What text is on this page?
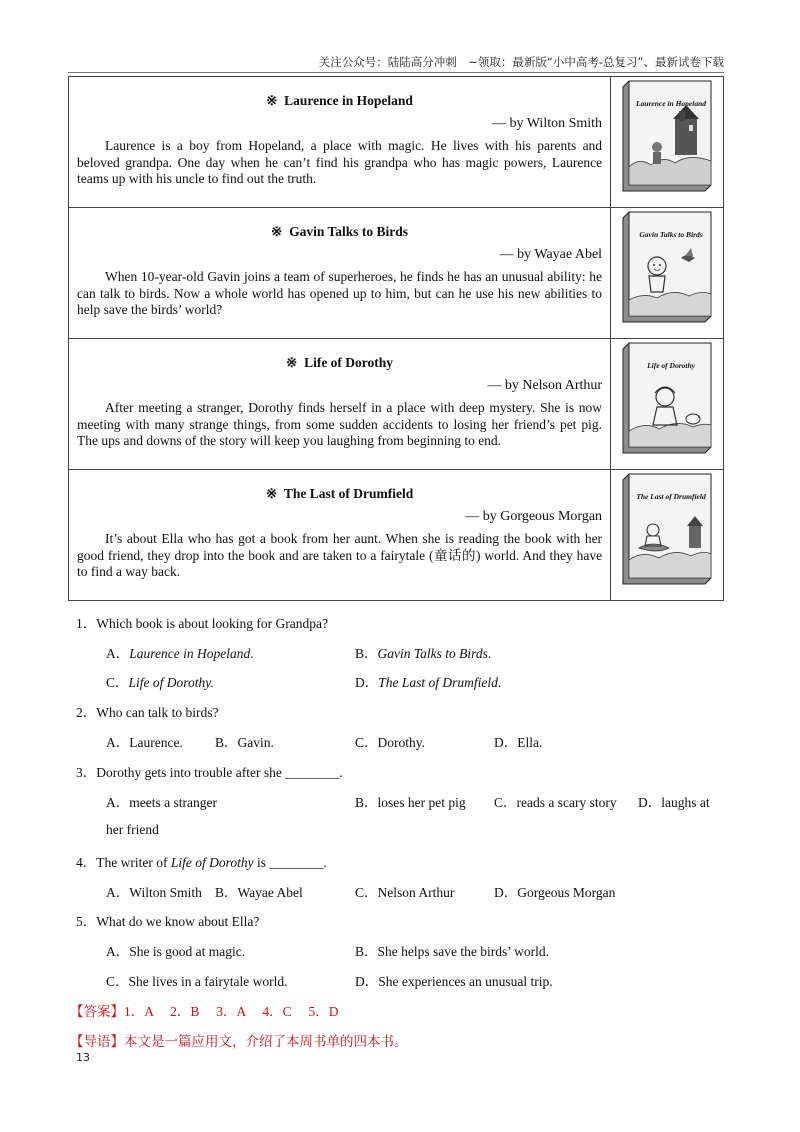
关注公众号：陆陆高分冲刺　~领取：最新版“小中高考-总复习”、最新试卷下载
※ Laurence in Hopeland
— by Wilton Smith
Laurence is a boy from Hopeland, a place with magic. He lives with his parents and beloved grandpa. One day when he can’t find his grandpa who has magic powers, Laurence teams up with his uncle to find out the truth.	Laurence in Hopeland

※ Gavin Talks to Birds
— by Wayae Abel
When 10-year-old Gavin joins a team of superheroes, he finds he has an unusual ability: he can talk to birds. Now a whole world has opened up to him, but can he use his new abilities to help save the birds’ world?	Gavin Talks to Birds

※ Life of Dorothy
— by Nelson Arthur
After meeting a stranger, Dorothy finds herself in a place with deep mystery. She is now meeting with many strange things, from some sudden accidents to losing her friend’s pet pig. The ups and downs of the story will keep you laughing from beginning to end.	Life of Dorothy

※ The Last of Drumfield
— by Gorgeous Morgan
It’s about Ella who has got a book from her aunt. When she is reading the book with her good friend, they drop into the book and are taken to a fairytale (童话的) world. And they have to find a way back.	The Last of Drumfield
1．Which book is about looking for Grandpa?
A．Laurence in Hopeland.	B．Gavin Talks to Birds.
C．Life of Dorothy.	D．The Last of Drumfield.
2．Who can talk to birds?
A．Laurence. B．Gavin.	C．Dorothy.	D．Ella.
3．Dorothy gets into trouble after she ________.
A．meets a stranger	B．loses her pet pig C．reads a scary story D．laughs at
her friend
4．The writer of Life of Dorothy is ________.
A．Wilton Smith B．Wayae Abel	C．Nelson Arthur	D．Gorgeous Morgan
5．What do we know about Ella?
A．She is good at magic.	B．She helps save the birds’ world.
C．She lives in a fairytale world.	D．She experiences an unusual trip.
【答案】1．A　 2．B　 3．A　 4．C　 5．D
【导语】本文是一篇应用文，介绍了本周书单的四本书。
13
